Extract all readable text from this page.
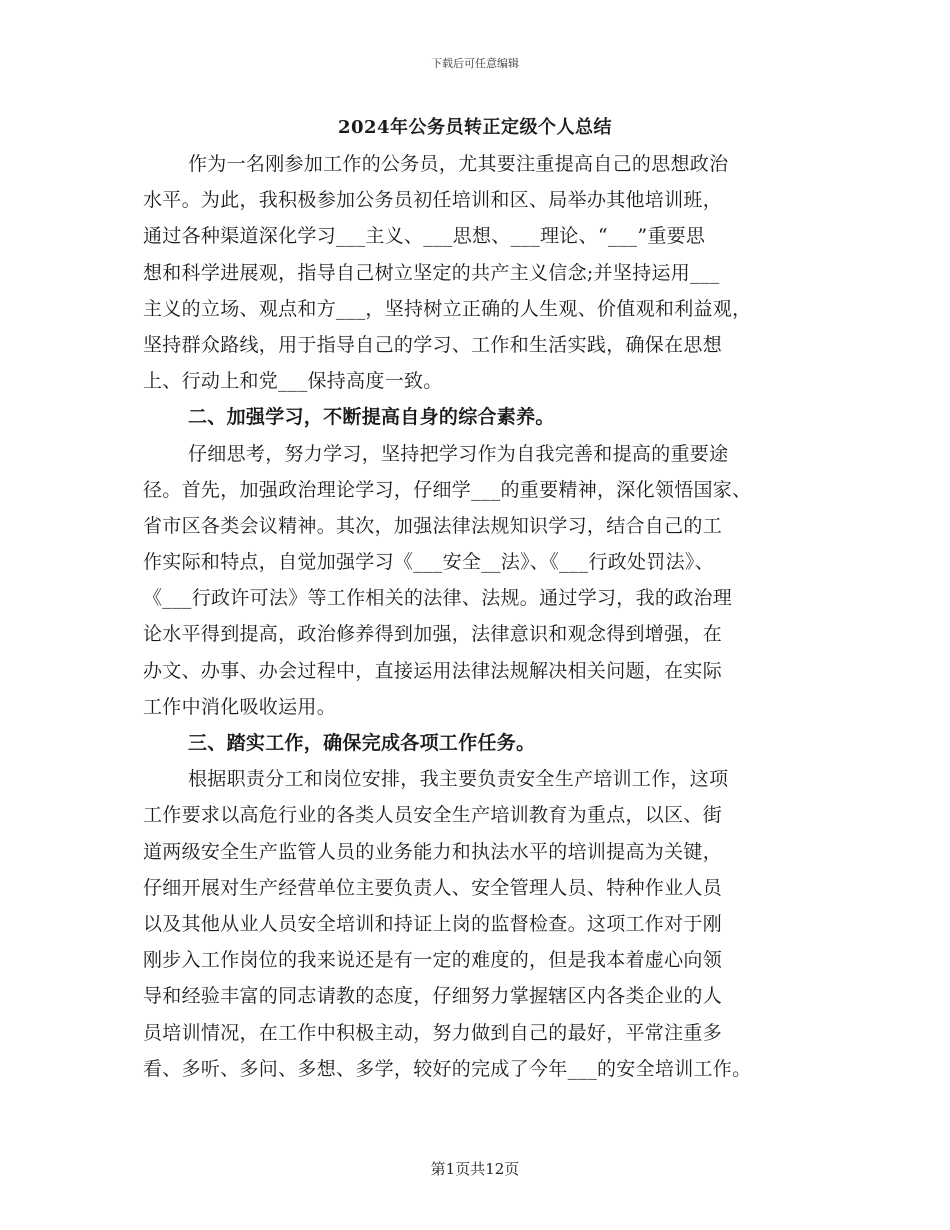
下载后可任意编辑
2024年公务员转正定级个人总结
作为一名刚参加工作的公务员，尤其要注重提高自己的思想政治
水平。为此，我积极参加公务员初任培训和区、局举办其他培训班，
通过各种渠道深化学习___主义、___思想、___理论、“___”重要思
想和科学进展观，指导自己树立坚定的共产主义信念;并坚持运用___
主义的立场、观点和方___，坚持树立正确的人生观、价值观和利益观，
坚持群众路线，用于指导自己的学习、工作和生活实践，确保在思想
上、行动上和党___保持高度一致。
二、加强学习，不断提高自身的综合素养。
仔细思考，努力学习，坚持把学习作为自我完善和提高的重要途
径。首先，加强政治理论学习，仔细学___的重要精神，深化领悟国家、
省市区各类会议精神。其次，加强法律法规知识学习，结合自己的工
作实际和特点，自觉加强学习《___安全__法》、《___行政处罚法》、
《___行政许可法》等工作相关的法律、法规。通过学习，我的政治理
论水平得到提高，政治修养得到加强，法律意识和观念得到增强，在
办文、办事、办会过程中，直接运用法律法规解决相关问题，在实际
工作中消化吸收运用。
三、踏实工作，确保完成各项工作任务。
根据职责分工和岗位安排，我主要负责安全生产培训工作，这项
工作要求以高危行业的各类人员安全生产培训教育为重点，以区、街
道两级安全生产监管人员的业务能力和执法水平的培训提高为关键，
仔细开展对生产经营单位主要负责人、安全管理人员、特种作业人员
以及其他从业人员安全培训和持证上岗的监督检查。这项工作对于刚
刚步入工作岗位的我来说还是有一定的难度的，但是我本着虚心向领
导和经验丰富的同志请教的态度，仔细努力掌握辖区内各类企业的人
员培训情况，在工作中积极主动，努力做到自己的最好，平常注重多
看、多听、多问、多想、多学，较好的完成了今年___的安全培训工作。
第1页共12页
